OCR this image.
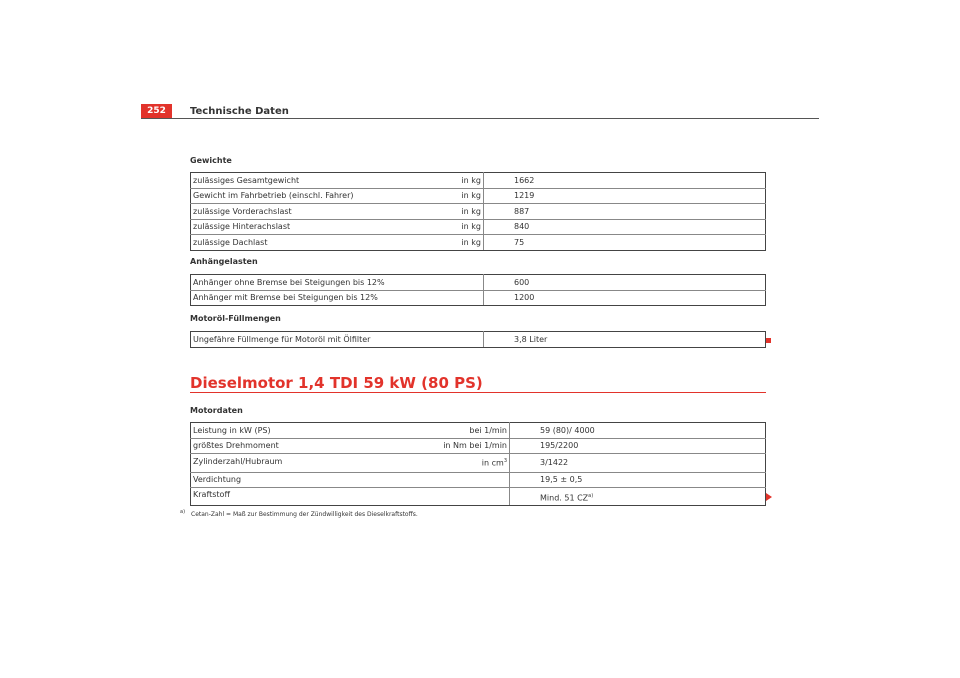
252	Technische Daten
Gewichte
zulässiges Gesamtgewicht	in kg	1662
Gewicht im Fahrbetrieb (einschl. Fahrer)	in kg	1219
zulässige Vorderachslast	in kg	887
zulässige Hinterachslast	in kg	840
zulässige Dachlast	in kg	75
Anhängelasten
Anhänger ohne Bremse bei Steigungen bis 12%	600
Anhänger mit Bremse bei Steigungen bis 12%	1200
Motoröl-Füllmengen
Ungefähre Füllmenge für Motoröl mit Ölfilter	3,8 Liter
Dieselmotor 1,4 TDI 59 kW (80 PS)
Motordaten
Leistung in kW (PS)	bei 1/min	59 (80)/ 4000
größtes Drehmoment	in Nm bei 1/min	195/2200
Zylinderzahl/Hubraum	in $cm^3$	3/1422
Verdichtung		19,5 ± 0,5
Kraftstoff		Mind. 51 CZ$^{a)}$
$^{a)}$ Cetan-Zahl = Maß zur Bestimmung der Zündwilligkeit des Dieselkraftstoffs.
